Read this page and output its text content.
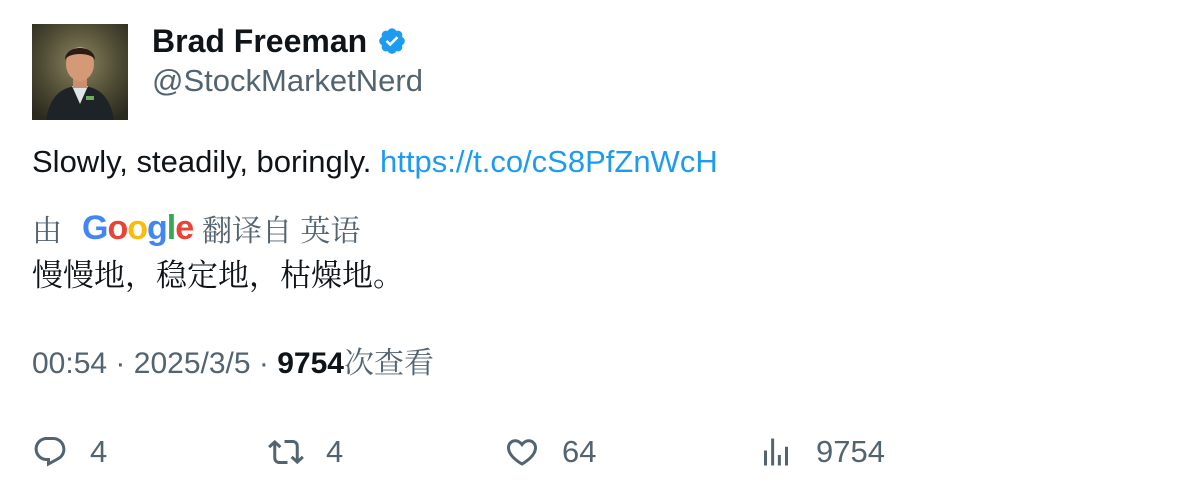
Brad Freeman
@StockMarketNerd
Slowly, steadily, boringly. https://t.co/cS8PfZnWcH
由 Google 翻译自 英语
慢慢地，稳定地，枯燥地。
00:54 · 2025/3/5 · 9754次查看
4	4	64	9754
